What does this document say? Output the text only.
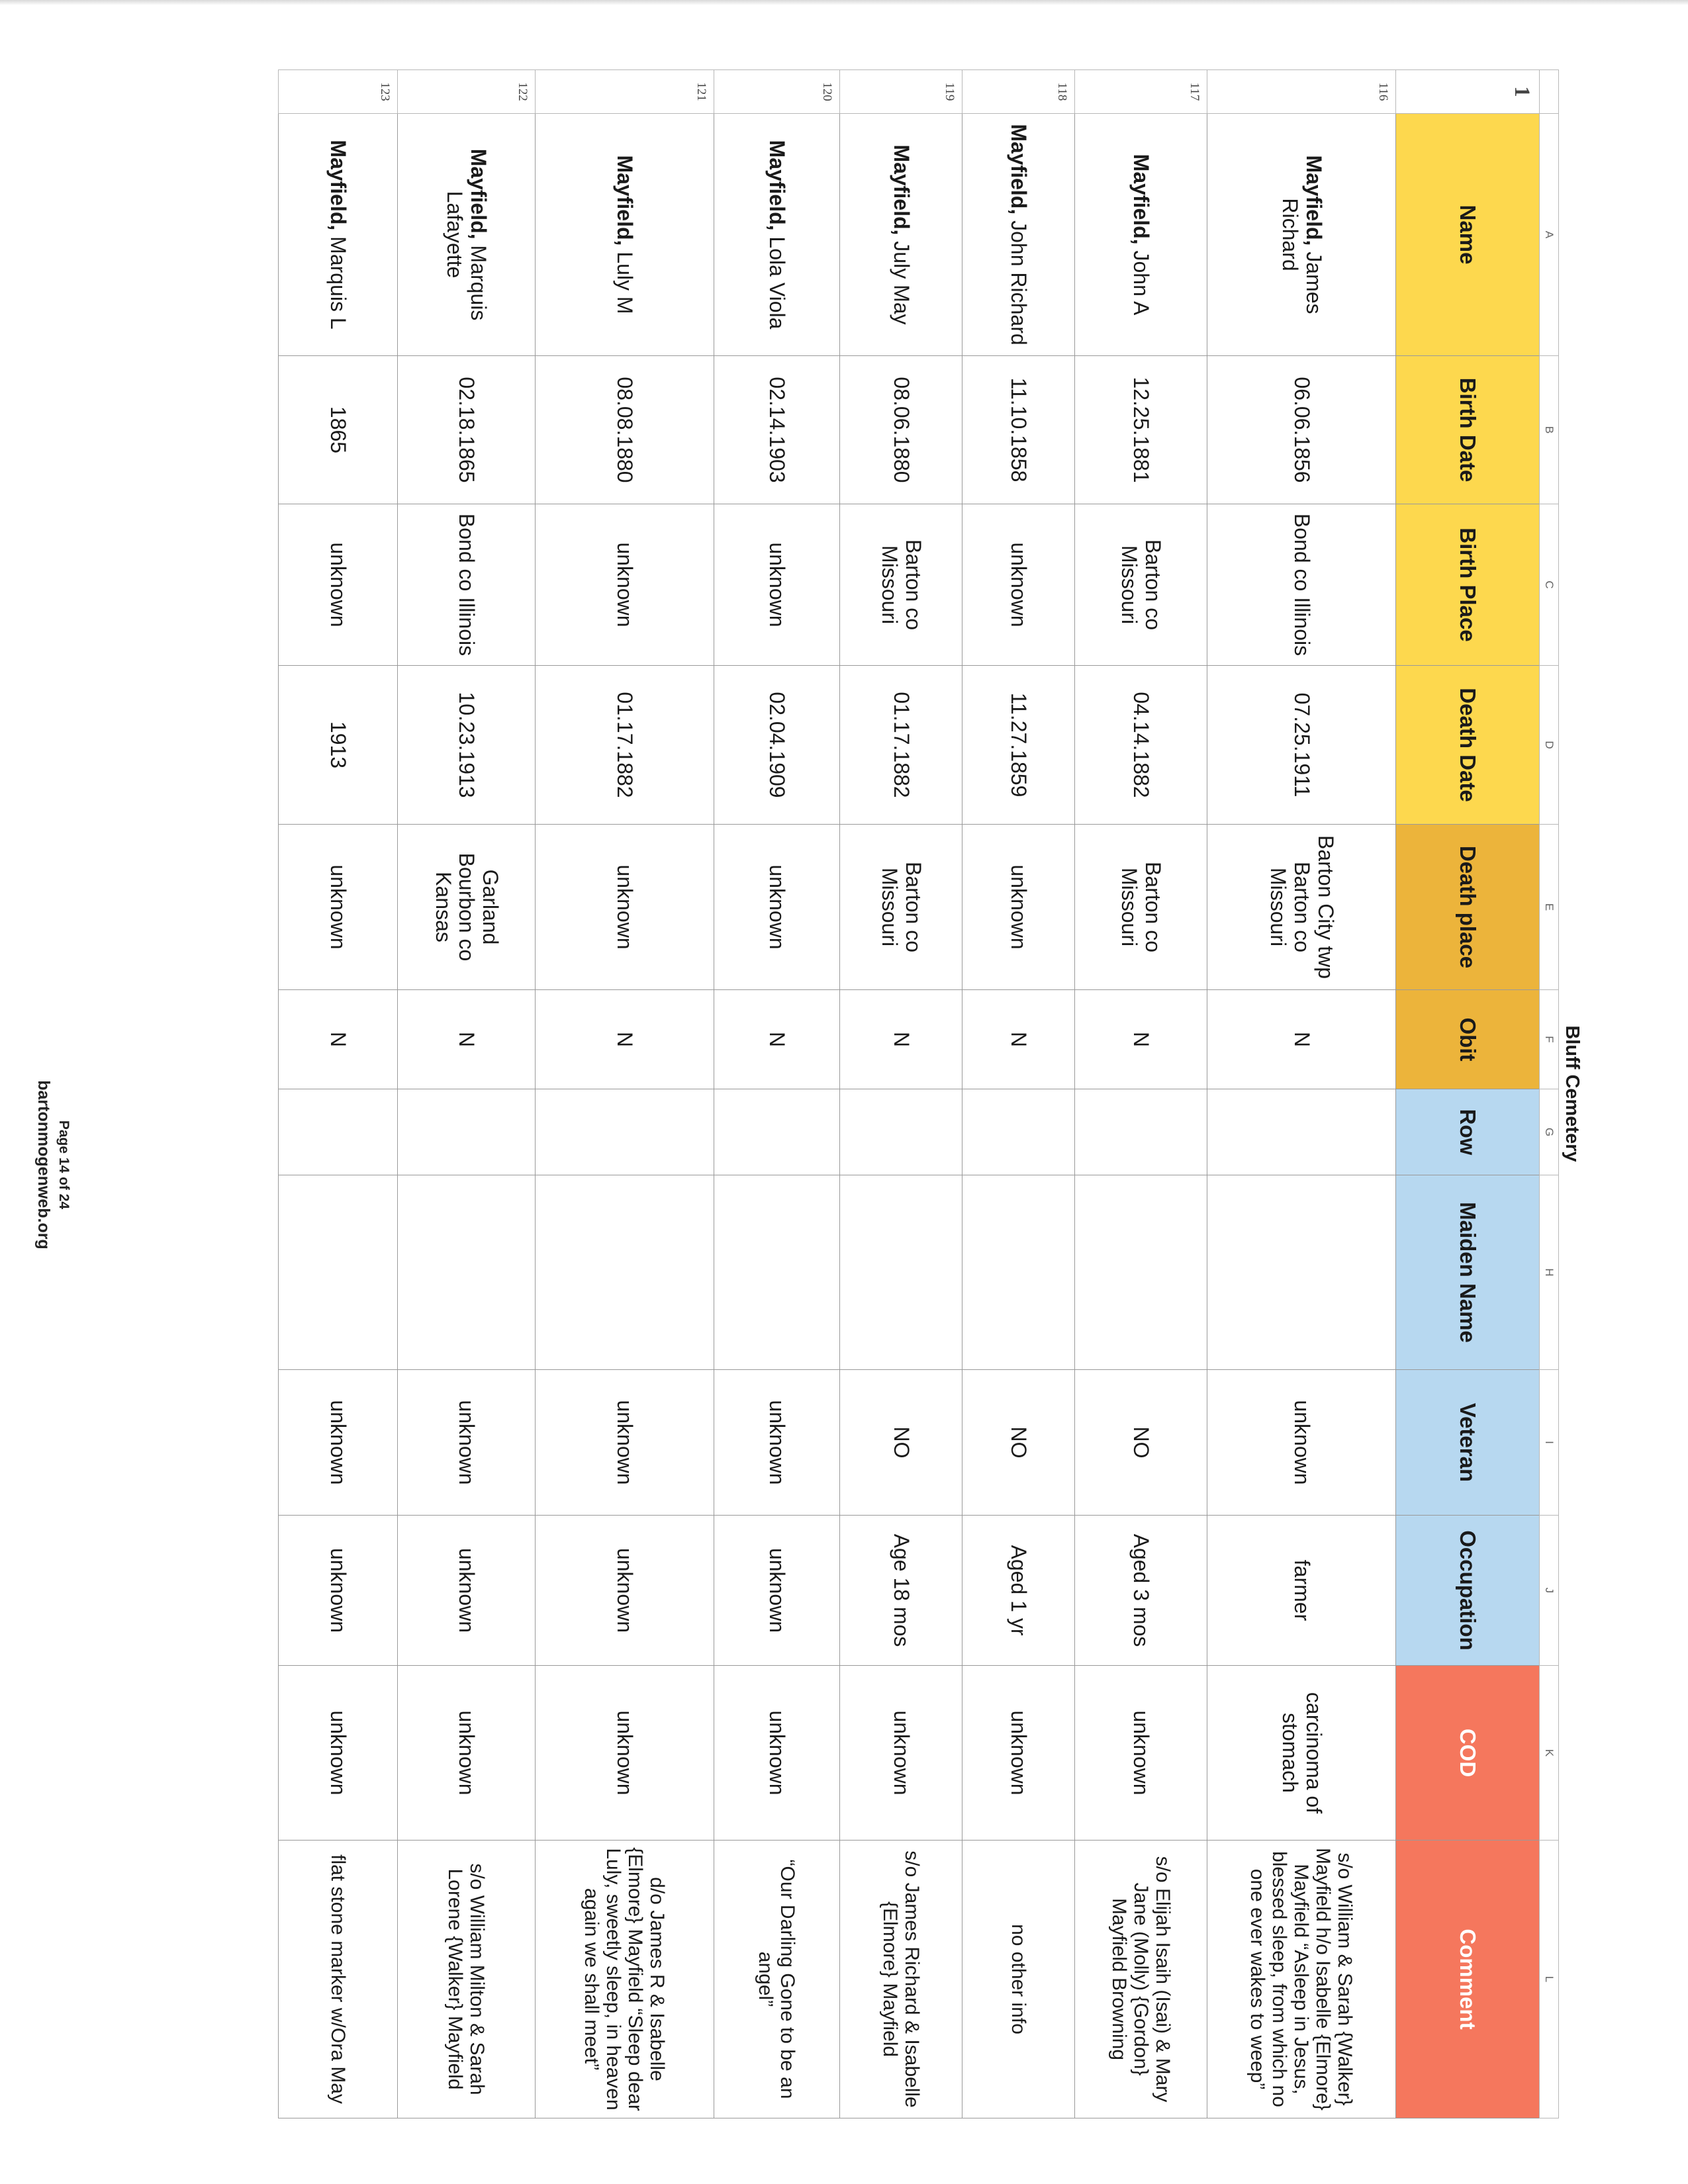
Bluff Cemetery
	A	B	C	D	E	F	G	H	I	J	K	L
1	Name	Birth Date	Birth Place	Death Date	Death place	Obit	Row	Maiden Name	Veteran	Occupation	COD	Comment
116	Mayfield, James Richard	06.06.1856	Bond co Illinois	07.25.1911	Barton City twp Barton co Missouri	N			unknown	farmer	carcinoma of stomach	s/o William & Sarah {Walker} Mayfield h/o Isabelle {Elmore} Mayfield “Asleep in Jesus, blessed sleep, from which no one ever wakes to weep”
117	Mayfield, John A	12.25.1881	Barton co Missouri	04.14.1882	Barton co Missouri	N			NO	Aged 3 mos	unknown	s/o Elijah Isaih (Isai) & Mary Jane (Molly) {Gordon} Mayfield Browning
118	Mayfield, John Richard	11.10.1858	unknown	11.27.1859	unknown	N			NO	Aged 1 yr	unknown	no other info
119	Mayfield, July May	08.06.1880	Barton co Missouri	01.17.1882	Barton co Missouri	N			NO	Age 18 mos	unknown	s/o James Richard & Isabelle {Elmore} Mayfield
120	Mayfield, Lola Viola	02.14.1903	unknown	02.04.1909	unknown	N			unknown	unknown	unknown	“Our Darling Gone to be an angel”
121	Mayfield, Luly M	08.08.1880	unknown	01.17.1882	unknown	N			unknown	unknown	unknown	d/o James R & Isabelle {Elmore} Mayfield “Sleep dear Luly, sweetly sleep, in heaven again we shall meet”
122	Mayfield, Marquis Lafayette	02.18.1865	Bond co Illinois	10.23.1913	Garland Bourbon co Kansas	N			unknown	unknown	unknown	s/o William Milton & Sarah Lorene {Walker} Mayfield
123	Mayfield, Marquis L	1865	unknown	1913	unknown	N			unknown	unknown	unknown	flat stone marker w/Ora May
Page 14 of 24
bartonmogenweb.org
